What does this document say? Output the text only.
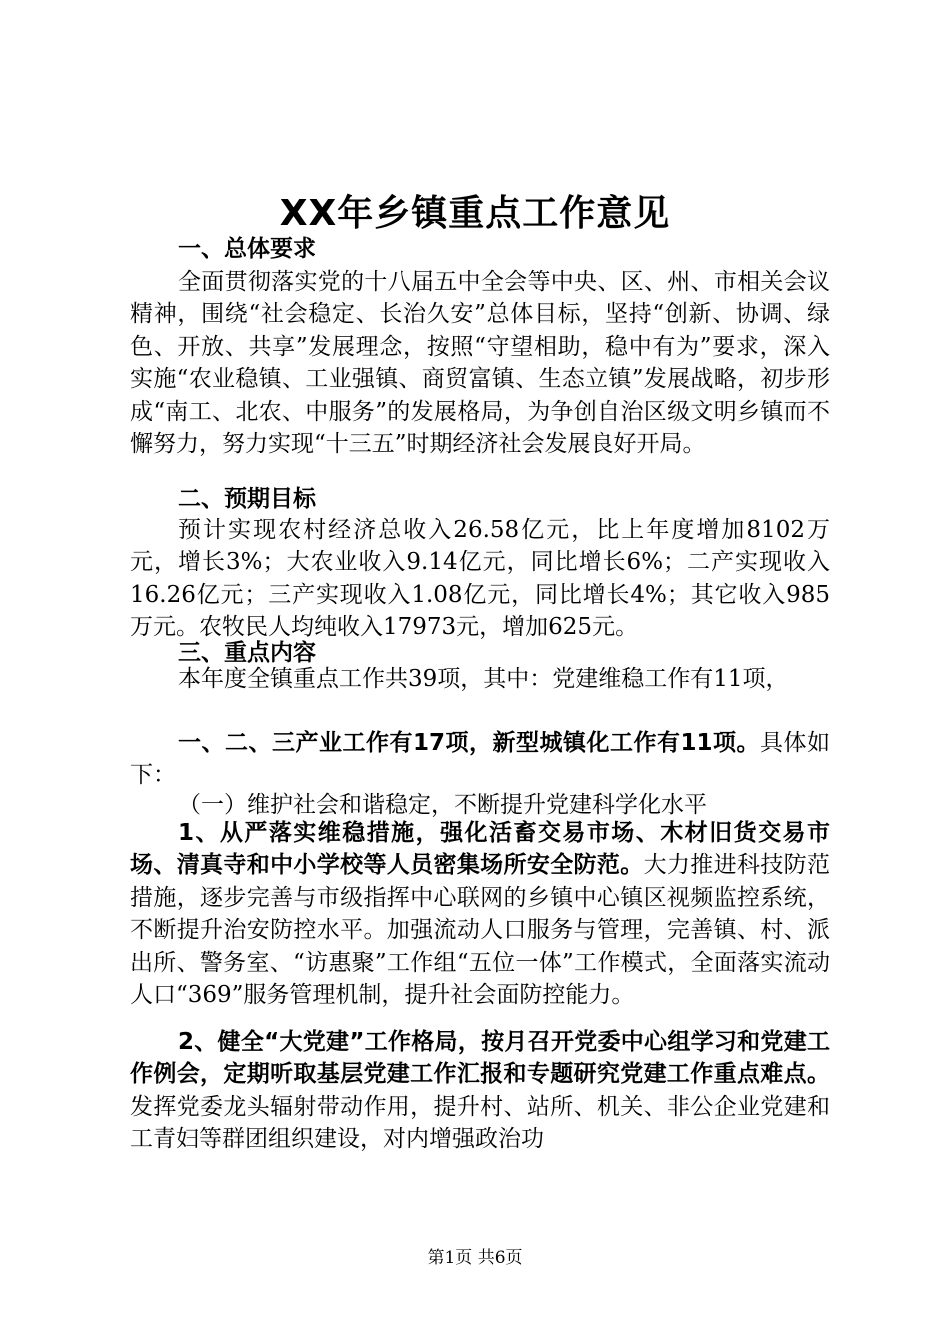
XX年乡镇重点工作意见
一、总体要求

全面贯彻落实党的十八届五中全会等中央、区、州、市相关会议精神，围绕“社会稳定、长治久安”总体目标，坚持“创新、协调、绿色、开放、共享”发展理念，按照“守望相助，稳中有为”要求，深入实施“农业稳镇、工业强镇、商贸富镇、生态立镇”发展战略，初步形成“南工、北农、中服务”的发展格局，为争创自治区级文明乡镇而不懈努力，努力实现“十三五”时期经济社会发展良好开局。

二、预期目标

预计实现农村经济总收入26.58亿元，比上年度增加8102万元，增长3%；大农业收入9.14亿元，同比增长6%；二产实现收入16.26亿元；三产实现收入1.08亿元，同比增长4%；其它收入985万元。农牧民人均纯收入17973元，增加625元。

三、重点内容

本年度全镇重点工作共39项，其中：党建维稳工作有11项，

一、二、三产业工作有17项，新型城镇化工作有11项。具体如下：

（一）维护社会和谐稳定，不断提升党建科学化水平

1、从严落实维稳措施，强化活畜交易市场、木材旧货交易市场、清真寺和中小学校等人员密集场所安全防范。大力推进科技防范措施，逐步完善与市级指挥中心联网的乡镇中心镇区视频监控系统，不断提升治安防控水平。加强流动人口服务与管理，完善镇、村、派出所、警务室、“访惠聚”工作组“五位一体”工作模式，全面落实流动人口“369”服务管理机制，提升社会面防控能力。

2、健全“大党建”工作格局，按月召开党委中心组学习和党建工作例会，定期听取基层党建工作汇报和专题研究党建工作重点难点。发挥党委龙头辐射带动作用，提升村、站所、机关、非公企业党建和工青妇等群团组织建设，对内增强政治功

第1页 共6页
